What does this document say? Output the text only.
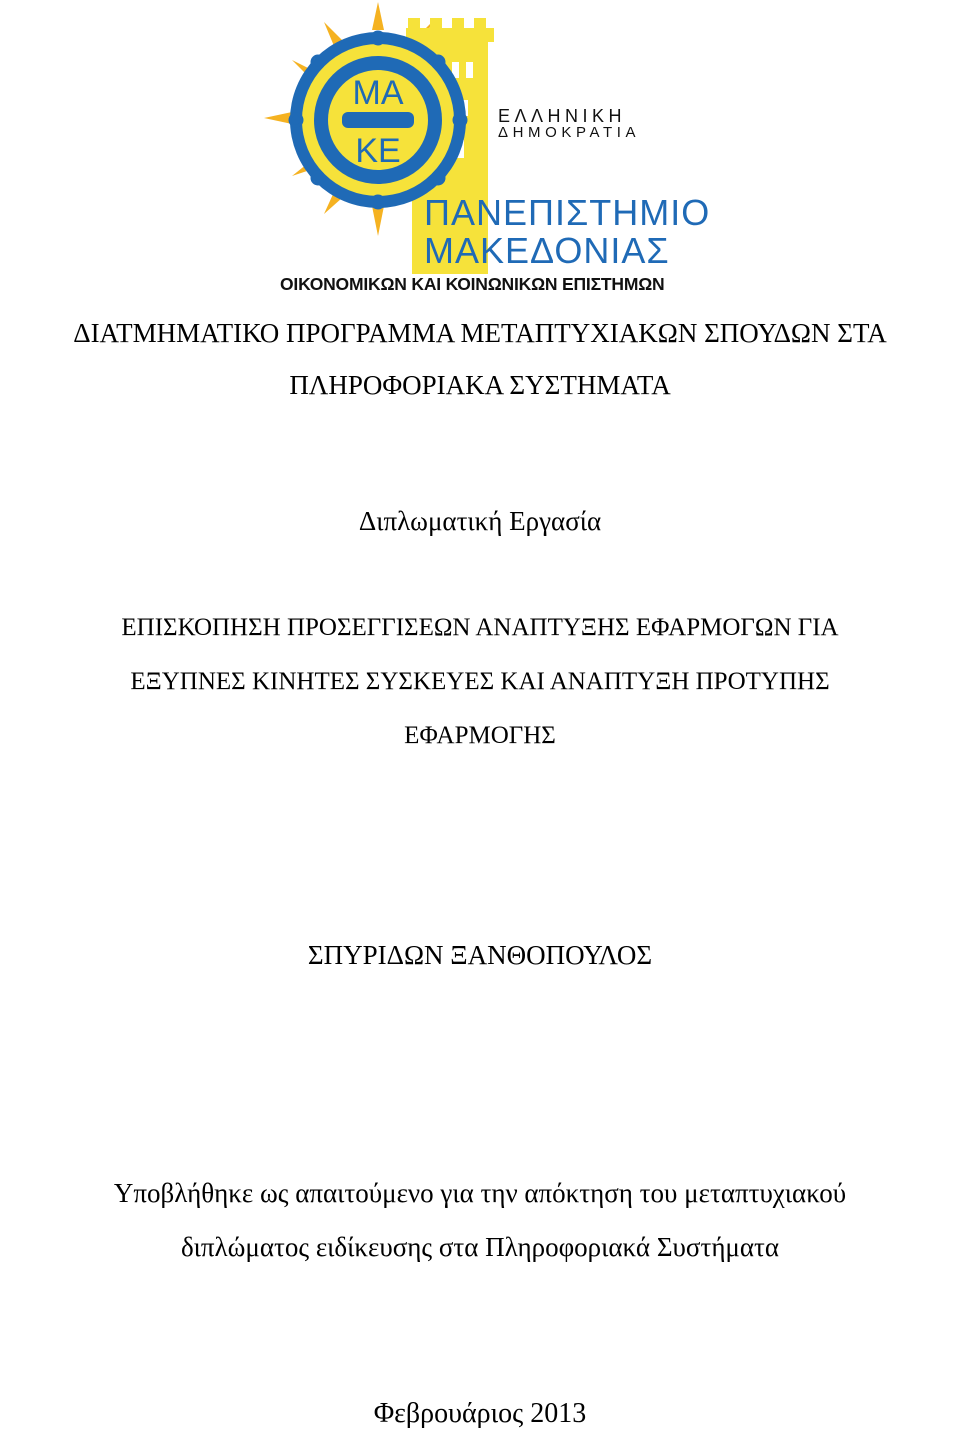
ΜΑ
ΚΕ
ΕΛΛΗΝΙΚΗ
ΔΗΜΟΚΡΑΤΙΑ
ΠΑΝΕΠΙΣΤΗΜΙΟ
ΜΑΚΕΔΟΝΙΑΣ
ΟΙΚΟΝΟΜΙΚΩΝ ΚΑΙ ΚΟΙΝΩΝΙΚΩΝ ΕΠΙΣΤΗΜΩΝ
ΔΙΑΤΜΗΜΑΤΙΚΟ ΠΡΟΓΡΑΜΜΑ ΜΕΤΑΠΤΥΧΙΑΚΩΝ ΣΠΟΥΔΩΝ ΣΤΑ
ΠΛΗΡΟΦΟΡΙΑΚΑ ΣΥΣΤΗΜΑΤΑ
Διπλωματική Εργασία
ΕΠΙΣΚΟΠΗΣΗ ΠΡΟΣΕΓΓΙΣΕΩΝ ΑΝΑΠΤΥΞΗΣ ΕΦΑΡΜΟΓΩΝ ΓΙΑ
ΕΞΥΠΝΕΣ ΚΙΝΗΤΕΣ ΣΥΣΚΕΥΕΣ ΚΑΙ ΑΝΑΠΤΥΞΗ ΠΡΟΤΥΠΗΣ
ΕΦΑΡΜΟΓΗΣ
ΣΠΥΡΙΔΩΝ ΞΑΝΘΟΠΟΥΛΟΣ
Υποβλήθηκε ως απαιτούμενο για την απόκτηση του μεταπτυχιακού
διπλώματος ειδίκευσης στα Πληροφοριακά Συστήματα
Φεβρουάριος 2013
